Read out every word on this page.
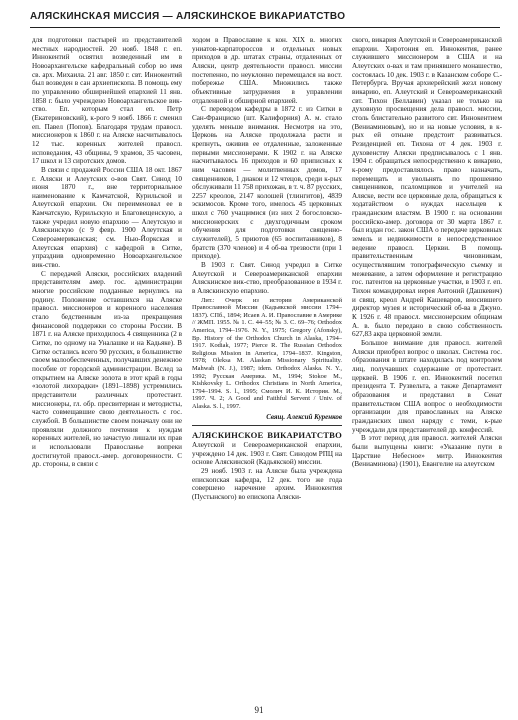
АЛЯСКИНСКАЯ МИССИЯ — АЛЯСКИНСКОЕ ВИКАРИАТСТВО

для подготовки пастырей из представителей местных народностей. 20 нояб. 1848 г. еп. Иннокентий освятил возведенный им в Новоархангельске кафедральный собор во имя св. арх. Михаила. 21 авг. 1850 г. свт. Иннокентий был возведен в сан архиепископа. В помощь ему по управлению обширнейшей епархией 11 янв. 1858 г. было учреждено Новоархангельское вик-ство. Еп. которым стал еп. Петр (Екатериновский), к-рого 9 нояб. 1866 г. сменил еп. Павел (Попов). Благодаря трудам правосл. миссионеров к 1860 г. на Аляске насчитывалось 12 тыс. коренных жителей правосл. исповедания, 43 общины, 9 храмов, 35 часовен, 17 школ и 13 сиротских домов.

В связи с продажей России США 18 окт. 1867 г. Аляски и Алеутских о-вов Свят. Синод 10 июня 1870 г., вне территориальное наименование к Камчатской, Курильской и Алеутской епархии. Он переименовал ее в Камчатскую, Курильскую и Благовещенскую, а также учредил новую епархию — Алеутскую и Аляскинскую (с 9 февр. 1900 Алеутская и Североамериканская; см. Нью-Йоркская и Алеутская епархия) с кафедрой в Ситке, упразднив одновременно Новоархангельское вик-ство.

С передачей Аляски, российских владений представителям амер. гос. администрации многие российские подданные вернулись на родину. Положение оставшихся на Аляске правосл. миссионеров и коренного населения стало бедственным из-за прекращения финансовой поддержки со стороны России. В 1871 г. на Аляске приходилось 4 священника (2 в Ситке, по одному на Уналашке и на Кадьяке). В Ситке остались всего 90 русских, в большинстве своем малообеспеченных, получавших денежное пособие от городской администрации. Вслед за открытием на Аляске золота в этот край в годы «золотой лихорадки» (1891–1898) устремились представители различных протестант. миссионеры, гл. обр. пресвитериан и методисты, часто совмещавшие свою деятельность с гос. службой. В большинстве своем поначалу они не проявляли должного почтения к нуждам коренных жителей, но зачастую лишали их прав и использовали Правосланье вопреки достигнутой правосл.-амер. договоренности. С др. стороны, в связи с

ходом в Православие к кон. XIX в. многих униатов-карпатороссов и отдельных новых приходов в др. штатах страны, отдаленных от Аляски, центр деятельности правосл. миссии постепенно, по неуклонно перемещался на вост. побережье США. Множились также объективные затруднения в управлении отдаленной и обширной епархией.

С переводом кафедры в 1872 г. из Ситки в Сан-Франциско (шт. Калифорния) А. м. стало уделять меньше внимания. Несмотря на это, Церковь на Аляске продолжала расти и крепнуть, оживив ее отдаленные, заложенные первыми миссионерами. К 1902 г. на Аляске насчитывалось 16 приходов и 60 приписных к ним часовен — молитвенных домов, 17 священников, 1 диакон и 12 чтецов, среди к-рых обслуживали 11 758 прихожан, в т. ч. 87 русских, 2257 креолов, 2147 колошей (тлингитов), 4839 эскимосов. Кроме того, имелось 45 церковных школ с 760 учащимися (из них 2 богословско-миссионерских с двухгодичным сроком обучения для подготовки священно-служителей), 5 приютов (65 воспитанников), 8 братств (370 членов) и 4 об-ва трезвости (при 1 приходе).

В 1903 г. Свят. Синод учредил в Ситке Алеутской и Североамериканской епархии Аляскинское вик-ство, преобразованное в 1934 г. в Аляскинскую епархию.

Лит.: Очерк из истории Американской Православной Миссии (Кадьякской миссии 1794–1837). СПб., 1894; Исаев А. И. Православие в Америке // ЖМП. 1955. № 1. С. 44–55; № 3. С. 69–76; Orthodox America, 1794–1976. N. Y., 1975; Gregory (Afonsky), Bp. History of the Orthodox Church in Alaska, 1794–1917. Kodiak, 1977; Pierce R. The Russian Orthodox Religious Mission in America, 1794–1837. Kingston, 1978; Oleksa M. Alaskan Missionary Spirituality. Mahwah (N. J.), 1987; idem. Orthodox Alaska. N. Y., 1992; Русская Америка. М., 1994; Stokoe M., Kishkovsky L. Orthodox Christians in North America, 1794–1994. S. l., 1995; Смолич И. К. История. М., 1997. Ч. 2; A Good and Faithful Servent / Univ. of Alaska. S. l., 1997.

Свящ. Алексий Куренков

АЛЯСКИНСКОЕ ВИКАРИАТСТВО Алеутской и Североамериканской епархии, учреждено 14 дек. 1903 г. Свят. Синодом РПЦ на основе Аляскинской (Кадьякской) миссии.

29 нояб. 1903 г. на Аляске была учреждена епископская кафедра, 12 дек. того же года совершено наречение архим. Иннокентия (Пустынского) во епископа Аляски-

ского, викария Алеутской и Североамериканской епархии. Хиротония еп. Иннокентия, ранее служившего миссионером в США и на Алеутских о-вах и там принявшего монашество, состоялась 10 дек. 1903 г. в Казанском соборе С.-Петербурга. Вручая архиерейский жезл новому викарию, еп. Алеутский и Североамериканский свт. Тихон (Беллавин) указал не только на духовную просвещения дела правосл. миссии, столь блистательно развитого свт. Иннокентием (Вениаминовым), но и на новые условия, в к-рых ей отныне предстоит развиваться. Резиденцией еп. Тихона от 4 дек. 1903 г. духовенству Аляски предписывалось с 1 янв. 1904 г. обращаться непосредственно к викарию, к-рому предоставлялось право назначать, перемещать и увольнять по прошению священников, псаломщиков и учителей на Аляске, вести все церковные дела, обращаться к ходатайством о нуждах насельцев к гражданским властям. В 1900 г. на основании российско-амер. договора от 30 марта 1867 г. был издан гос. закон США о передаче церковных земель и недвижимости в непосредственное ведение правосл. Церкви. В помощь правительственным чиновникам, осуществлявшим топографическую съемку и межевание, а затем оформление и регистрацию гос. патентов на церковные участки, в 1903 г. еп. Тихон командировал иерея Антоний (Дашкевич) и свящ. креол Андрей Кашеваров, вносившего директор музея и исторический об-ва в Джуно. К 1926 г. 48 правосл. миссионерским общинам А. в. было передано в свою собственность 627,83 акра церковной земли.

Большое внимание для правосл. жителей Аляски приобрел вопрос о школах. Система гос. образования в штате находилась под контролем лиц, получавших содержание от протестант. церквей. В 1906 г. еп. Иннокентий посетил президента Т. Рузвельта, а также Департамент образования и представил в Сенат правительством США вопрос о необходимости организации для православных на Аляске гражданских школ наряду с теми, к-рые учреждали для представителей др. конфессий.

В этот период для правосл. жителей Аляски были выпущены книги: «Указание пути в Царствие Небесное» митр. Иннокентия (Вениаминова) (1901), Евангелие на алеутском

91
